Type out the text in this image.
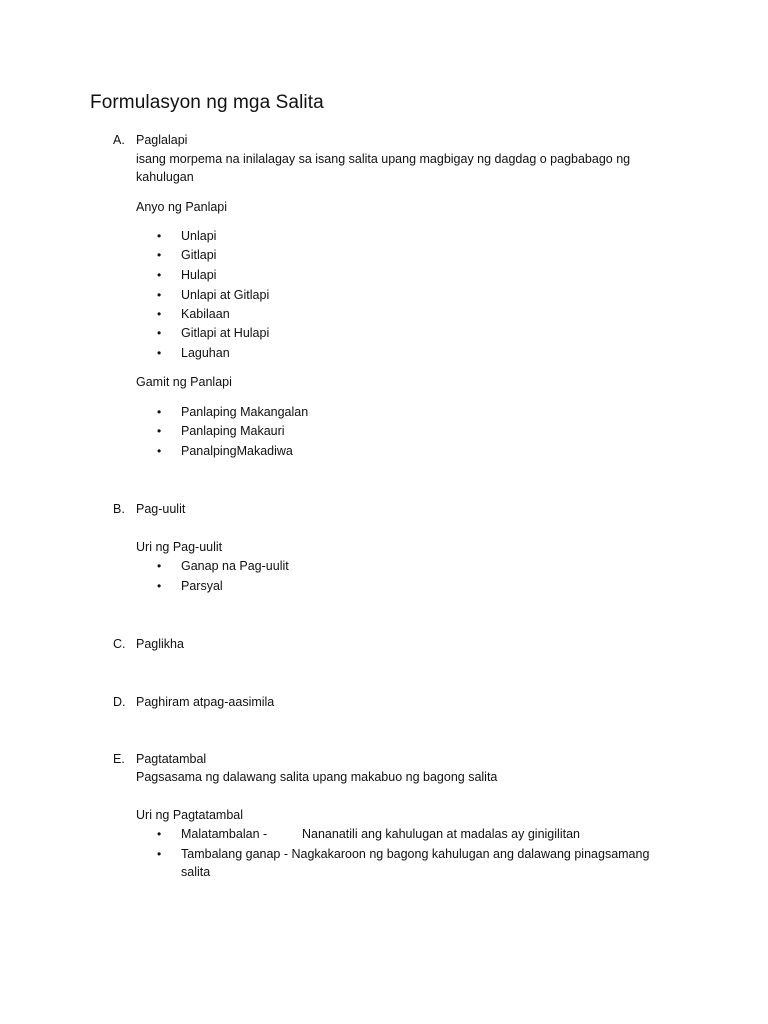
Formulasyon ng mga Salita
A. Paglalapi
isang morpema na inilalagay sa isang salita upang magbigay ng dagdag o pagbabago ng
kahulugan
Anyo ng Panlapi
• Unlapi
• Gitlapi
• Hulapi
• Unlapi at Gitlapi
• Kabilaan
• Gitlapi at Hulapi
• Laguhan
Gamit ng Panlapi
• Panlaping Makangalan
• Panlaping Makauri
• PanalpingMakadiwa
B. Pag-uulit
Uri ng Pag-uulit
• Ganap na Pag-uulit
• Parsyal
C. Paglikha
D. Paghiram atpag-aasimila
E. Pagtatambal
Pagsasama ng dalawang salita upang makabuo ng bagong salita
Uri ng Pagtatambal
• Malatambalan -	Nananatili ang kahulugan at madalas ay ginigilitan
• Tambalang ganap - Nagkakaroon ng bagong kahulugan ang dalawang pinagsamang
salita
